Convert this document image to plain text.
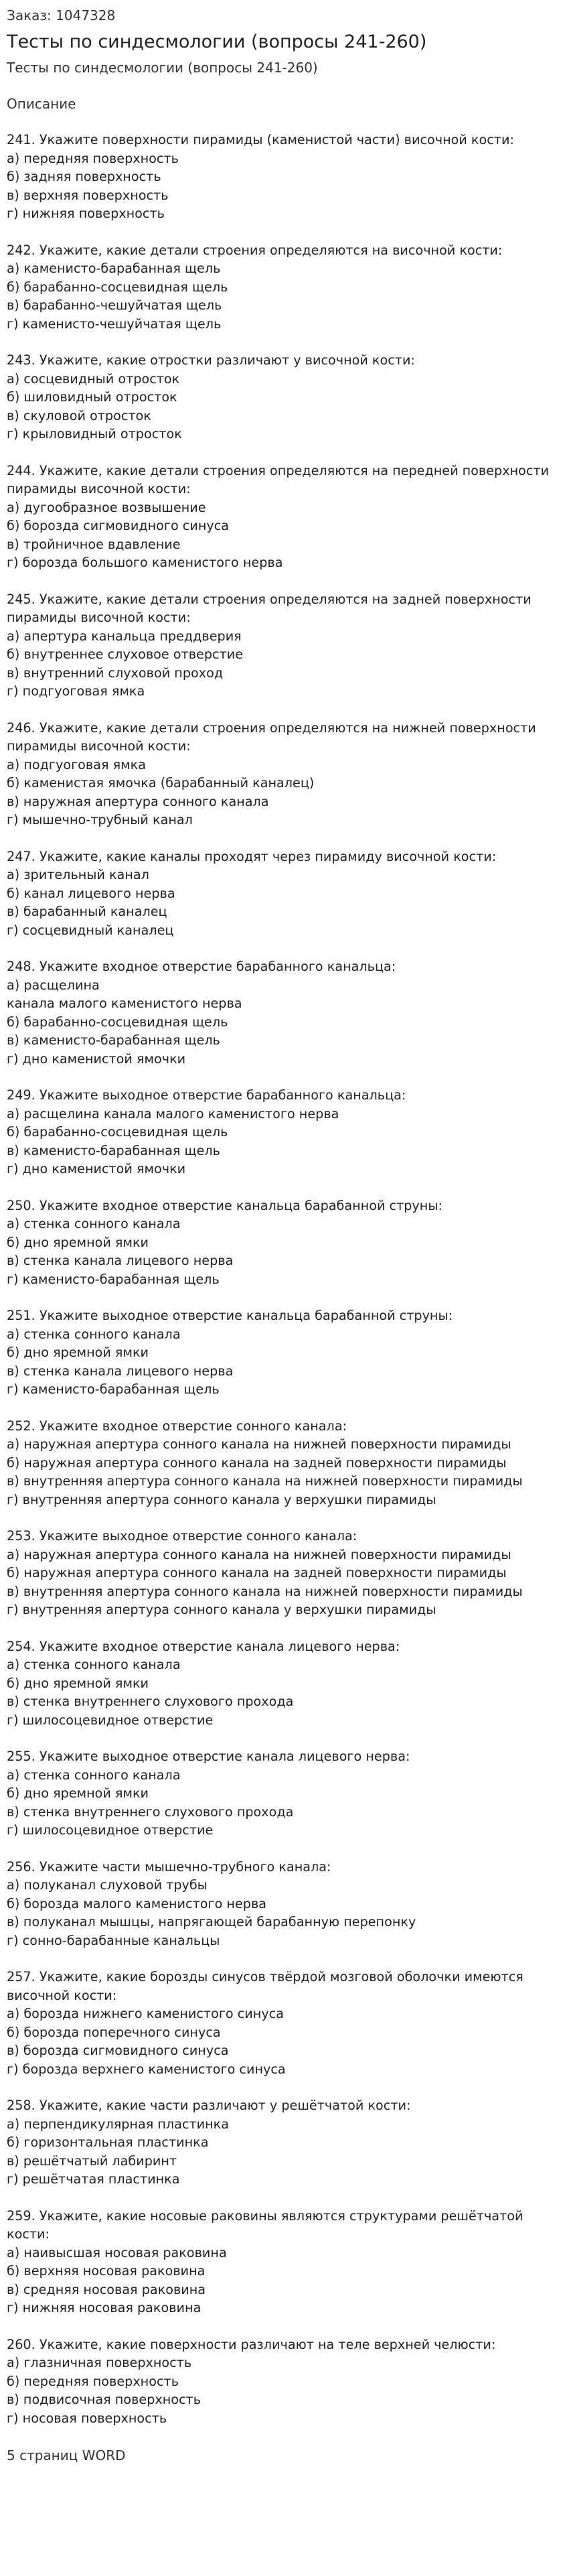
Заказ: 1047328

Тесты по синдесмологии (вопросы 241-260)

Тесты по синдесмологии (вопросы 241-260)

Описание

241. Укажите поверхности пирамиды (каменистой части) височной кости:

а) передняя поверхность

б) задняя поверхность

в) верхняя поверхность

г) нижняя поверхность

242. Укажите, какие детали строения определяются на височной кости:

а) каменисто-барабанная щель

б) барабанно-сосцевидная щель

в) барабанно-чешуйчатая щель

г) каменисто-чешуйчатая щель

243. Укажите, какие отростки различают у височной кости:

а) сосцевидный отросток

б) шиловидный отросток

в) скуловой отросток

г) крыловидный отросток

244. Укажите, какие детали строения определяются на передней поверхности пирамиды височной кости:

а) дугообразное возвышение

б) борозда сигмовидного синуса

в) тройничное вдавление

г) борозда большого каменистого нерва

245. Укажите, какие детали строения определяются на задней поверхности пирамиды височной кости:

а) апертура канальца преддверия

б) внутреннее слуховое отверстие

в) внутренний слуховой проход

г) подгуоговая ямка

246. Укажите, какие детали строения определяются на нижней поверхности пирамиды височной кости:

а) подгуоговая ямка

б) каменистая ямочка (барабанный канал​ец)

в) наружная апертура сонного канала

г) мышечно-трубный канал

247. Укажите, какие каналы проходят через пирамиду височной кости:

а) зрительный канал

б) канал лицевого нерва

в) барабанный каналец

г) сосцевидный каналец

248. Укажите входное отверстие барабанного канальца:

а) расщелина

канала малого каменистого нерва

б) барабанно-сосцевидная щель

в) каменисто-барабанная щель

г) дно каменистой ямочки

249. Укажите выходное отверстие барабанного канальца:

а) расщелина канала малого каменистого нерва

б) барабанно-сосцевидная щель

в) каменисто-барабанная щель

г) дно каменистой ямочки

250. Укажите входное отверстие канальца барабанной струны:

а) стенка сонного канала

б) дно яремной ямки

в) стенка канала лицевого нерва

г) каменисто-барабанная щель

251. Укажите выходное отверстие канальца барабанной струны:

а) стенка сонного канала

б) дно яремной ямки

в) стенка канала лицевого нерва

г) каменисто-барабанная щель

252. Укажите входное отверстие сонного канала:

а) наружная апертура сонного канала на нижней поверхности пирамиды

б) наружная апертура сонного канала на задней поверхности пирамиды

в) внутренняя апертура сонного канала на нижней поверхности пирамиды

г) внутренняя апертура сонного канала у верхушки пирамиды

253. Укажите выходное отверстие сонного канала:

а) наружная апертура сонного канала на нижней поверхности пирамиды

б) наружная апертура сонного канала на задней поверхности пирамиды

в) внутренняя апертура сонного канала на нижней поверхности пирамиды

г) внутренняя апертура сонного канала у верхушки пирамиды

254. Укажите входное отверстие канала лицевого нерва:

а) стенка сонного канала

б) дно яремной ямки

в) стенка внутреннего слухового прохода

г) шилосоцевидное отверстие

255. Укажите выходное отверстие канала лицевого нерва:

а) стенка сонного канала

б) дно яремной ямки

в) стенка внутреннего слухового прохода

г) шилосоцевидное отверстие

256. Укажите части мышечно-трубного канала:

а) полуканал слуховой трубы

б) борозда малого каменистого нерва

в) полуканал мышцы, напрягающей барабанную перепонку

г) сонно-барабанные канальцы

257. Укажите, какие борозды синусов твёрдой мозговой оболочки имеются височной кости:

а) борозда нижнего каменистого синуса

б) борозда поперечного синуса

в) борозда сигмовидного синуса

г) борозда верхнего каменистого синуса

258. Укажите, какие части различают у решётчатой кости:

а) перпендикулярная пластинка

б) горизонтальная пластинка

в) решётчатый лабиринт

г) решётчатая пластинка

259. Укажите, какие носовые раковины являются структурами решётчатой кости:

а) наивысшая носовая раковина

б) верхняя носовая раковина

в) средняя носовая раковина

г) нижняя носовая раковина

260. Укажите, какие поверхности различают на теле верхней челюсти:

а) глазничная поверхность

б) передняя поверхность

в) подвисочная поверхность

г) носовая поверхность

5 страниц WORD
